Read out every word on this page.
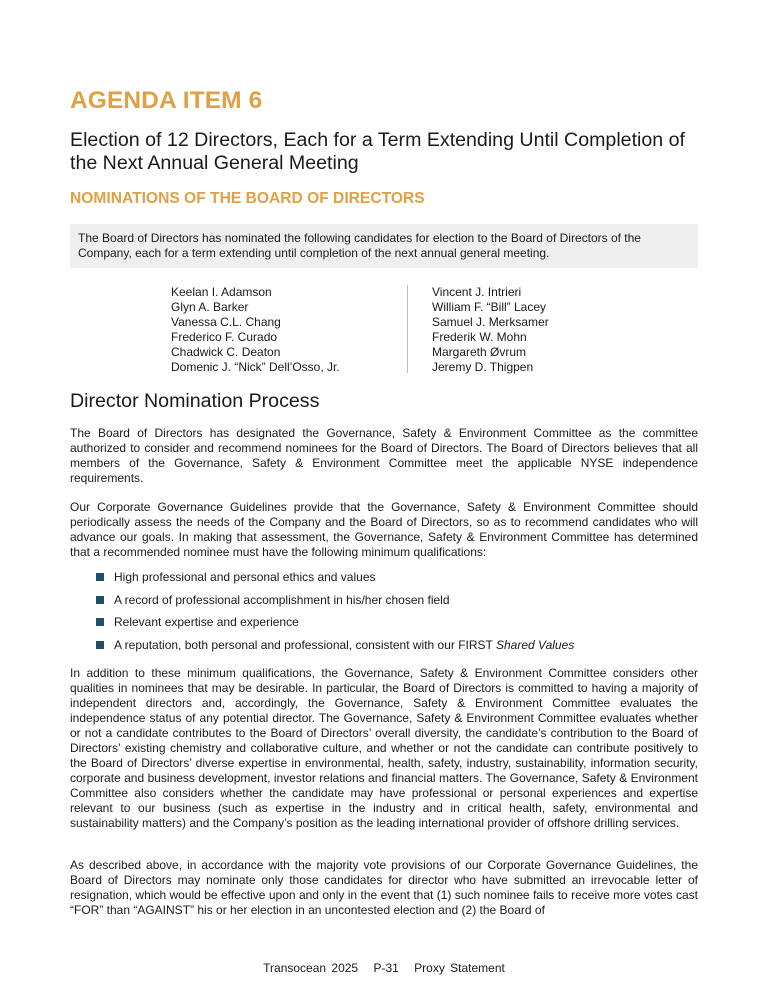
AGENDA ITEM 6
Election of 12 Directors, Each for a Term Extending Until Completion of the Next Annual General Meeting
NOMINATIONS OF THE BOARD OF DIRECTORS
The Board of Directors has nominated the following candidates for election to the Board of Directors of the Company, each for a term extending until completion of the next annual general meeting.
Keelan I. Adamson
Glyn A. Barker
Vanessa C.L. Chang
Frederico F. Curado
Chadwick C. Deaton
Domenic J. “Nick” Dell’Osso, Jr.
Vincent J. Intrieri
William F. “Bill” Lacey
Samuel J. Merksamer
Frederik W. Mohn
Margareth Øvrum
Jeremy D. Thigpen
Director Nomination Process

The Board of Directors has designated the Governance, Safety & Environment Committee as the committee authorized to consider and recommend nominees for the Board of Directors. The Board of Directors believes that all members of the Governance, Safety & Environment Committee meet the applicable NYSE independence requirements.

Our Corporate Governance Guidelines provide that the Governance, Safety & Environment Committee should periodically assess the needs of the Company and the Board of Directors, so as to recommend candidates who will advance our goals. In making that assessment, the Governance, Safety & Environment Committee has determined that a recommended nominee must have the following minimum qualifications:

High professional and personal ethics and values
A record of professional accomplishment in his/her chosen field
Relevant expertise and experience
A reputation, both personal and professional, consistent with our FIRST Shared Values

In addition to these minimum qualifications, the Governance, Safety & Environment Committee considers other qualities in nominees that may be desirable. In particular, the Board of Directors is committed to having a majority of independent directors and, accordingly, the Governance, Safety & Environment Committee evaluates the independence status of any potential director. The Governance, Safety & Environment Committee evaluates whether or not a candidate contributes to the Board of Directors’ overall diversity, the candidate’s contribution to the Board of Directors’ existing chemistry and collaborative culture, and whether or not the candidate can contribute positively to the Board of Directors’ diverse expertise in environmental, health, safety, industry, sustainability, information security, corporate and business development, investor relations and financial matters. The Governance, Safety & Environment Committee also considers whether the candidate may have professional or personal experiences and expertise relevant to our business (such as expertise in the industry and in critical health, safety, environmental and sustainability matters) and the Company’s position as the leading international provider of offshore drilling services.

As described above, in accordance with the majority vote provisions of our Corporate Governance Guidelines, the Board of Directors may nominate only those candidates for director who have submitted an irrevocable letter of resignation, which would be effective upon and only in the event that (1) such nominee fails to receive more votes cast “FOR” than “AGAINST” his or her election in an uncontested election and (2) the Board of

Transocean 2025 P-31 Proxy Statement
